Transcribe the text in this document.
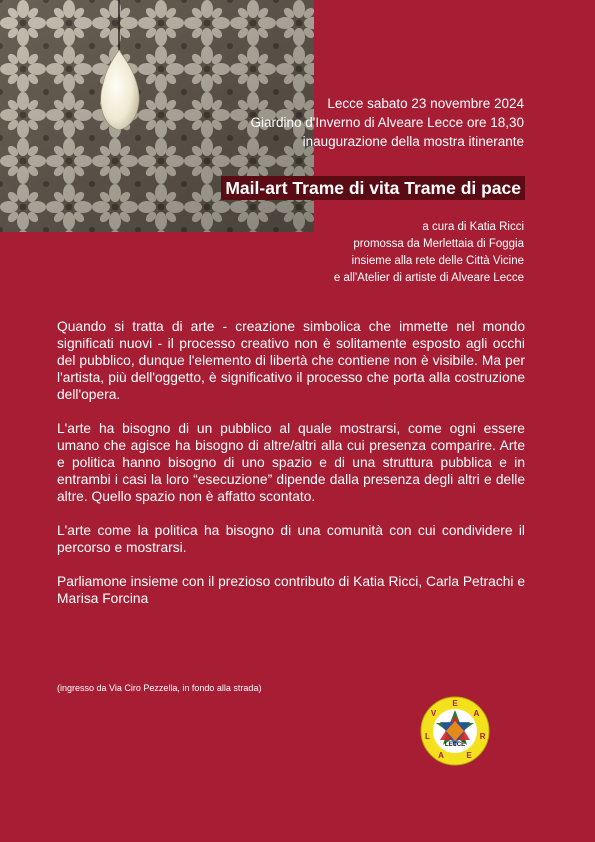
Lecce sabato 23 novembre 2024
Giardino d'Inverno di Alveare Lecce ore 18,30
inaugurazione della mostra itinerante
Mail-art Trame di vita Trame di pace
a cura di Katia Ricci
promossa da Merlettaia di Foggia
insieme alla rete delle Città Vicine
e all'Atelier di artiste di Alveare Lecce

Quando si tratta di arte - creazione simbolica che immette nel mondo significati nuovi - il processo creativo non è solitamente esposto agli occhi del pubblico, dunque l'elemento di libertà che contiene non è visibile. Ma per l'artista, più dell'oggetto, è significativo il processo che porta alla costruzione dell'opera.

L'arte ha bisogno di un pubblico al quale mostrarsi, come ogni essere umano che agisce ha bisogno di altre/altri alla cui presenza comparire. Arte e politica hanno bisogno di uno spazio e di una struttura pubblica e in entrambi i casi la loro “esecuzione” dipende dalla presenza degli altri e delle altre. Quello spazio non è affatto scontato.

L'arte come la politica ha bisogno di una comunità con cui condividere il percorso e mostrarsi.

Parliamone insieme con il prezioso contributo di Katia Ricci, Carla Petrachi e Marisa Forcina

(ingresso da Via Ciro Pezzella, in fondo alla strada)
LECCE
A
L
V
E
A
R
E
